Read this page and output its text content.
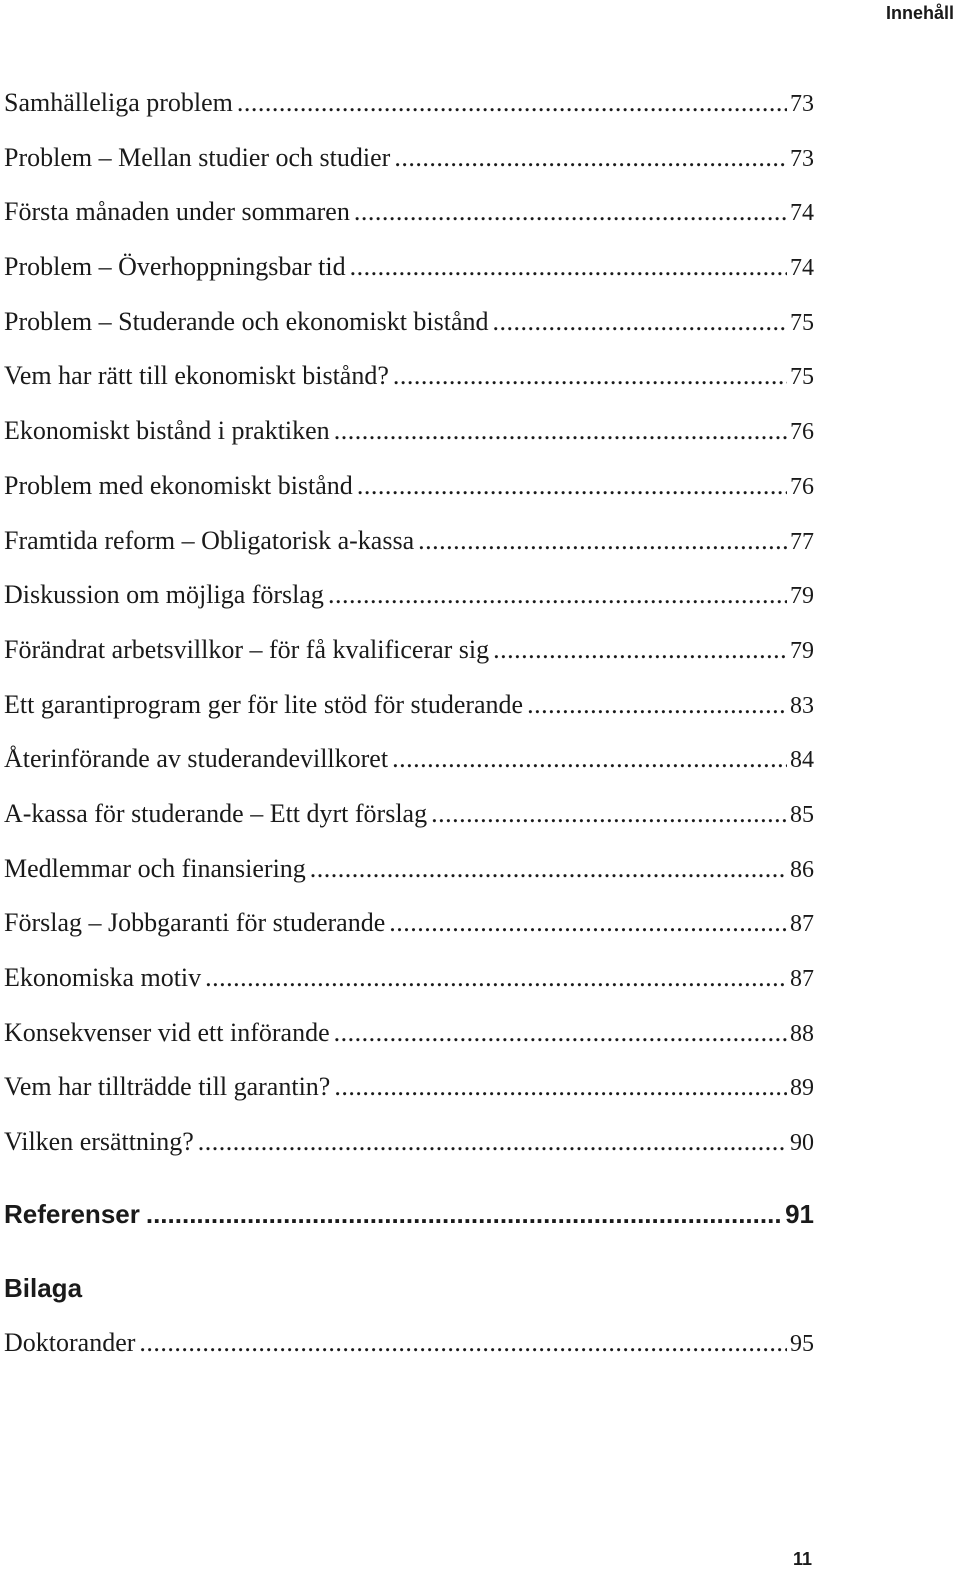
Innehåll
Samhälleliga problem .....	73
Problem – Mellan studier och studier .....	73
Första månaden under sommaren .....	74
Problem – Överhoppningsbar tid .....	74
Problem – Studerande och ekonomiskt bistånd .....	75
Vem har rätt till ekonomiskt bistånd? .....	75
Ekonomiskt bistånd i praktiken .....	76
Problem med ekonomiskt bistånd .....	76
Framtida reform – Obligatorisk a-kassa .....	77
Diskussion om möjliga förslag .....	79
Förändrat arbetsvillkor – för få kvalificerar sig .....	79
Ett garantiprogram ger för lite stöd för studerande .....	83
Återinförande av studerandevillkoret .....	84
A-kassa för studerande – Ett dyrt förslag .....	85
Medlemmar och finansiering .....	86
Förslag – Jobbgaranti för studerande .....	87
Ekonomiska motiv .....	87
Konsekvenser vid ett införande .....	88
Vem har tillträdde till garantin? .....	89
Vilken ersättning? .....	90
Referenser .....	91
Bilaga
Doktorander .....	95
11
